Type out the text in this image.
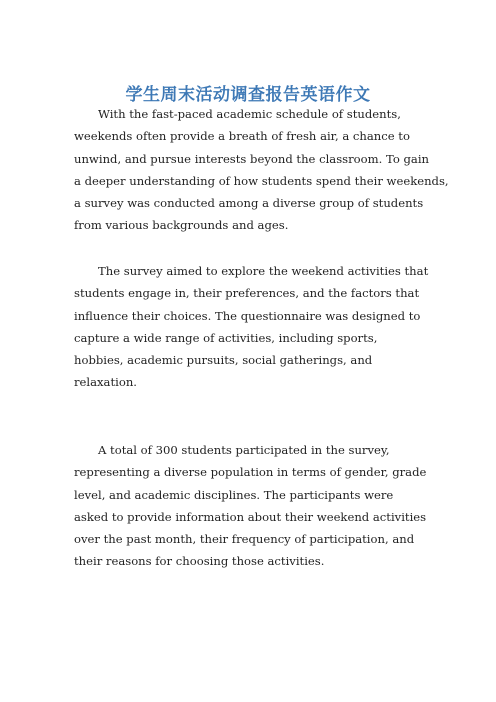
学生周末活动调查报告英语作文
With the fast-paced academic schedule of students,
weekends often provide a breath of fresh air, a chance to
unwind, and pursue interests beyond the classroom. To gain
a deeper understanding of how students spend their weekends,
a survey was conducted among a diverse group of students
from various backgrounds and ages.
The survey aimed to explore the weekend activities that
students engage in, their preferences, and the factors that
influence their choices. The questionnaire was designed to
capture a wide range of activities, including sports,
hobbies, academic pursuits, social gatherings, and
relaxation.
A total of 300 students participated in the survey,
representing a diverse population in terms of gender, grade
level, and academic disciplines. The participants were
asked to provide information about their weekend activities
over the past month, their frequency of participation, and
their reasons for choosing those activities.
